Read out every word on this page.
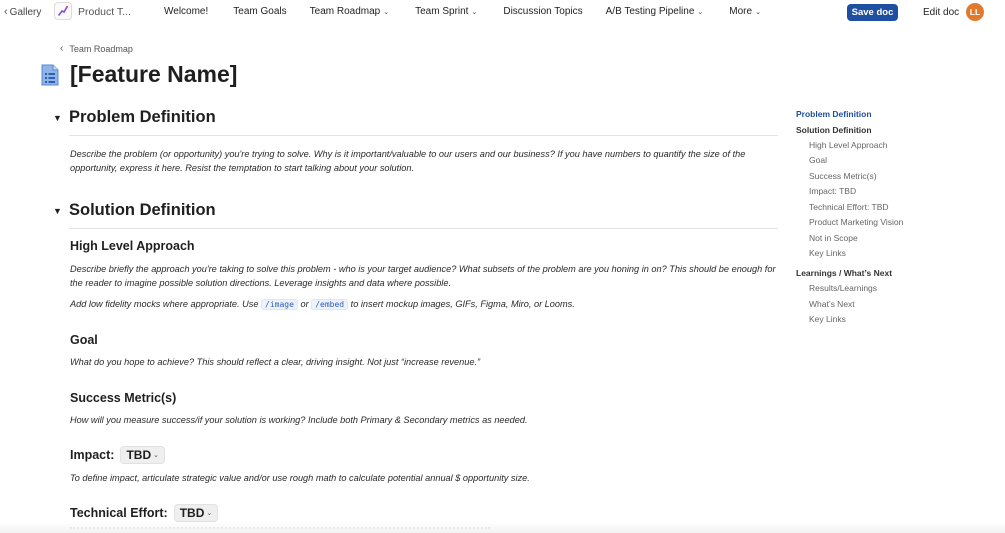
‹ Gallery	Product T...	Welcome!	Team Goals Team Roadmap ⌄	Team Sprint ⌄	Discussion Topics A/B Testing Pipeline ⌄	More ⌄	Save doc	Edit doc	LL
‹ Team Roadmap
[Feature Name]
▼ Problem Definition
Describe the problem (or opportunity) you're trying to solve. Why is it important/valuable to our users and our business? If you have numbers to quantify the size of the opportunity, express it here. Resist the temptation to start talking about your solution.
▼ Solution Definition
High Level Approach
Describe briefly the approach you're taking to solve this problem - who is your target audience? What subsets of the problem are you honing in on? This should be enough for the reader to imagine possible solution directions. Leverage insights and data where possible.
Add low fidelity mocks where appropriate. Use /image or /embed to insert mockup images, GIFs, Figma, Miro, or Looms.
Goal
What do you hope to achieve? This should reflect a clear, driving insight. Not just “increase revenue.”
Success Metric(s)
How will you measure success/if your solution is working? Include both Primary & Secondary metrics as needed.
Impact: TBD ⌄
To define impact, articulate strategic value and/or use rough math to calculate potential annual $ opportunity size.
Technical Effort: TBD ⌄
Problem Definition
Solution Definition
High Level Approach
Goal
Success Metric(s)
Impact: TBD
Technical Effort: TBD
Product Marketing Vision
Not in Scope
Key Links
Learnings / What’s Next
Results/Learnings
What’s Next
Key Links
